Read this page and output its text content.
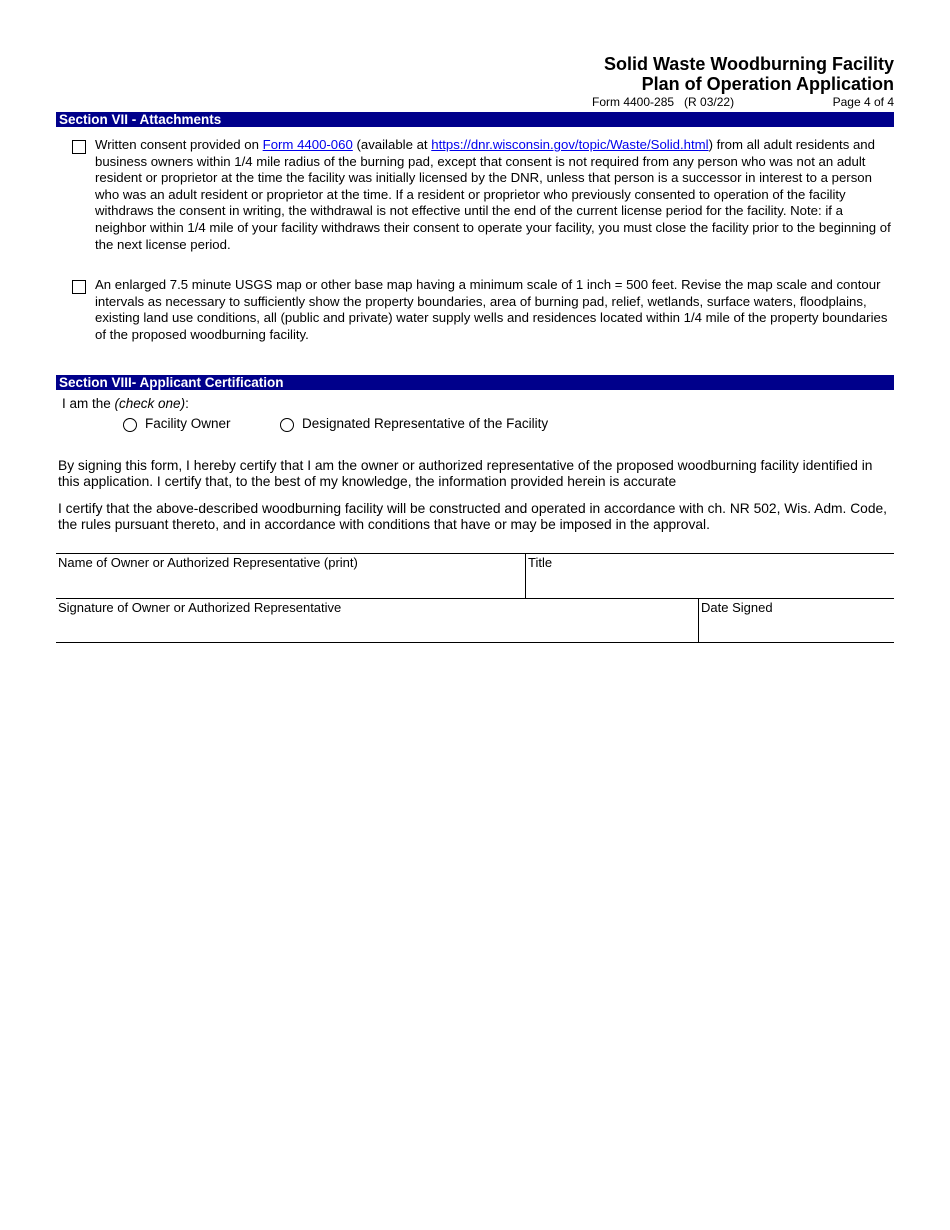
Solid Waste Woodburning Facility
Plan of Operation Application
Form 4400-285   (R 03/22)	Page 4 of 4
Section VII - Attachments
Written consent provided on Form 4400-060 (available at https://dnr.wisconsin.gov/topic/Waste/Solid.html) from all adult residents and business owners within 1/4 mile radius of the burning pad, except that consent is not required from any person who was not an adult resident or proprietor at the time the facility was initially licensed by the DNR, unless that person is a successor in interest to a person who was an adult resident or proprietor at the time. If a resident or proprietor who previously consented to operation of the facility withdraws the consent in writing, the withdrawal is not effective until the end of the current license period for the facility. Note: if a neighbor within 1/4 mile of your facility withdraws their consent to operate your facility, you must close the facility prior to the beginning of the next license period.
An enlarged 7.5 minute USGS map or other base map having a minimum scale of 1 inch = 500 feet. Revise the map scale and contour intervals as necessary to sufficiently show the property boundaries, area of burning pad, relief, wetlands, surface waters, floodplains, existing land use conditions, all (public and private) water supply wells and residences located within 1/4 mile of the property boundaries of the proposed woodburning facility.
Section VIII- Applicant Certification
I am the (check one):
Facility Owner	Designated Representative of the Facility
By signing this form, I hereby certify that I am the owner or authorized representative of the proposed woodburning facility identified in this application. I certify that, to the best of my knowledge, the information provided herein is accurate
I certify that the above-described woodburning facility will be constructed and operated in accordance with ch. NR 502, Wis. Adm. Code, the rules pursuant thereto, and in accordance with conditions that have or may be imposed in the approval.
Name of Owner or Authorized Representative (print)	Title
Signature of Owner or Authorized Representative	Date Signed
